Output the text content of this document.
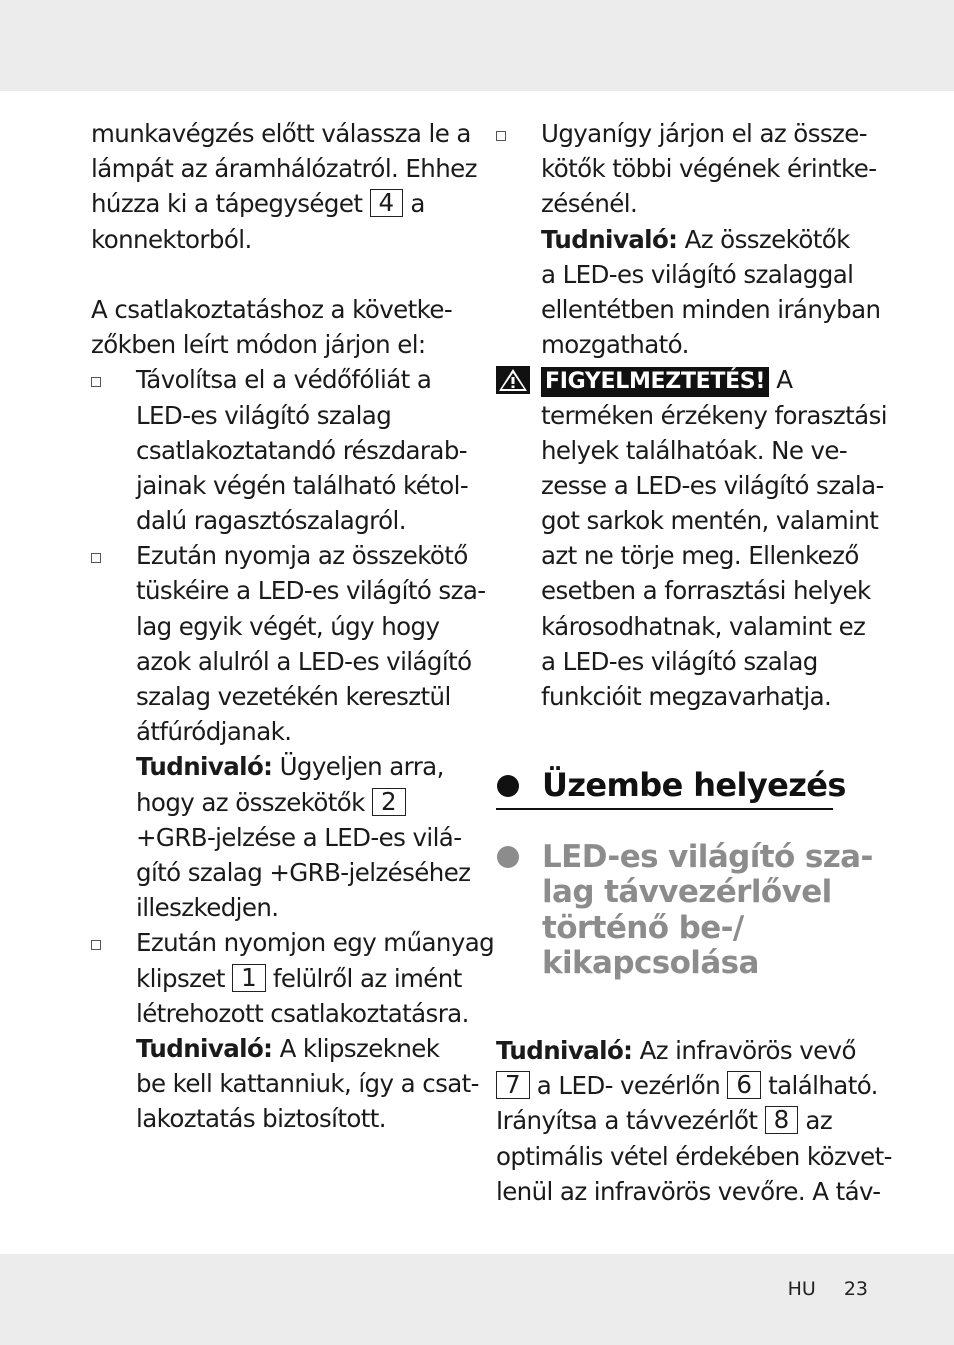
munkavégzés előtt válassza le a
lámpát az áramhálózatról. Ehhez
húzza ki a tápegységet 4 a
konnektorból.
A csatlakoztatáshoz a követke-
zőkben leírt módon járjon el:
Távolítsa el a védőfóliát a
LED-es világító szalag
csatlakoztatandó részdarab-
jainak végén található kétol-
dalú ragasztószalagról.
Ezután nyomja az összekötő
tüskéire a LED-es világító sza-
lag egyik végét, úgy hogy
azok alulról a LED-es világító
szalag vezetékén keresztül
átfúródjanak.
Tudnivaló: Ügyeljen arra,
hogy az összekötők 2
+GRB-jelzése a LED-es vilá-
gító szalag +GRB-jelzéséhez
illeszkedjen.
Ezután nyomjon egy műanyag
klipszet 1 felülről az imént
létrehozott csatlakoztatásra.
Tudnivaló: A klipszeknek
be kell kattanniuk, így a csat-
lakoztatás biztosított.
Ugyanígy járjon el az össze-
kötők többi végének érintke-
zésénél.
Tudnivaló: Az összekötők
a LED-es világító szalaggal
ellentétben minden irányban
mozgatható.
FIGYELMEZTETÉS! A
terméken érzékeny forasztási
helyek találhatóak. Ne ve-
zesse a LED-es világító szala-
got sarkok mentén, valamint
azt ne törje meg. Ellenkező
esetben a forrasztási helyek
károsodhatnak, valamint ez
a LED-es világító szalag
funkcióit megzavarhatja.
Üzembe helyezés
LED-es világító sza-
lag távvezérlővel
történő be-/
kikapcsolása
Tudnivaló: Az infravörös vevő
7 a LED- vezérlőn 6 található.
Irányítsa a távvezérlőt 8 az
optimális vétel érdekében közvet-
lenül az infravörös vevőre. A táv-
HU 23
